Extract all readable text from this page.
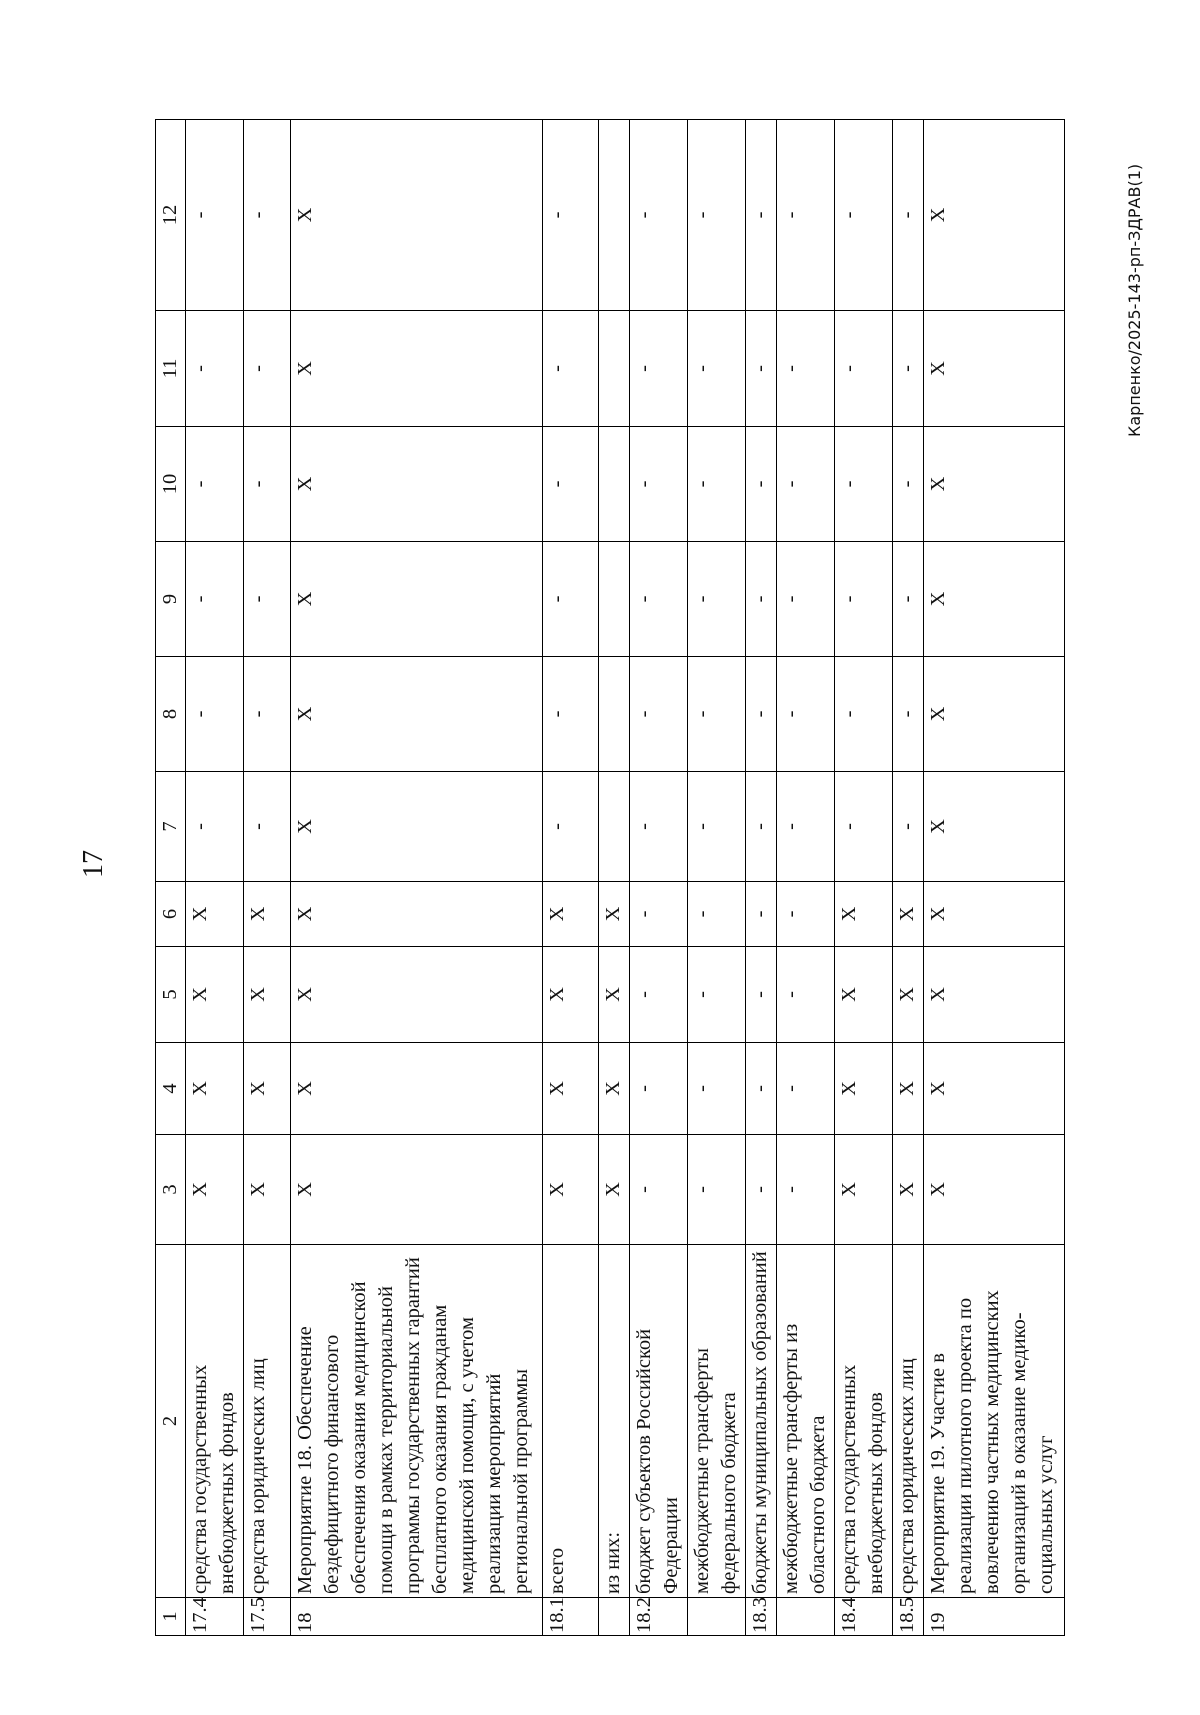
17
Карпенко/2025-143-рп-ЗДРАВ(1)
1	2	3	4	5	6	7	8	9	10	11	12
17.4	средства государственных внебюджетных фондов	X	X	X	X	-	-	-	-	-	-
17.5	средства юридических лиц	X	X	X	X	-	-	-	-	-	-
18	Мероприятие 18. Обеспечение бездефицитного финансового обеспечения оказания медицинской помощи в рамках территориальной программы государственных гарантий бесплатного оказания гражданам медицинской помощи, с учетом реализации мероприятий региональной программы	X	X	X	X	X	X	X	X	X	X
18.1	всего	X	X	X	X	-	-	-	-	-	-
	из них:	X	X	X	X						
18.2	бюджет субъектов Российской Федерации	-	-	-	-	-	-	-	-	-	-
	межбюджетные трансферты федерального бюджета	-	-	-	-	-	-	-	-	-	-
18.3	бюджеты муниципальных образований	-	-	-	-	-	-	-	-	-	-
	межбюджетные трансферты из областного бюджета	-	-	-	-	-	-	-	-	-	-
18.4	средства государственных внебюджетных фондов	X	X	X	X	-	-	-	-	-	-
18.5	средства юридических лиц	X	X	X	X	-	-	-	-	-	-
19	Мероприятие 19. Участие в реализации пилотного проекта по вовлечению частных медицинских организаций в оказание медико-социальных услуг	X	X	X	X	X	X	X	X	X	X
